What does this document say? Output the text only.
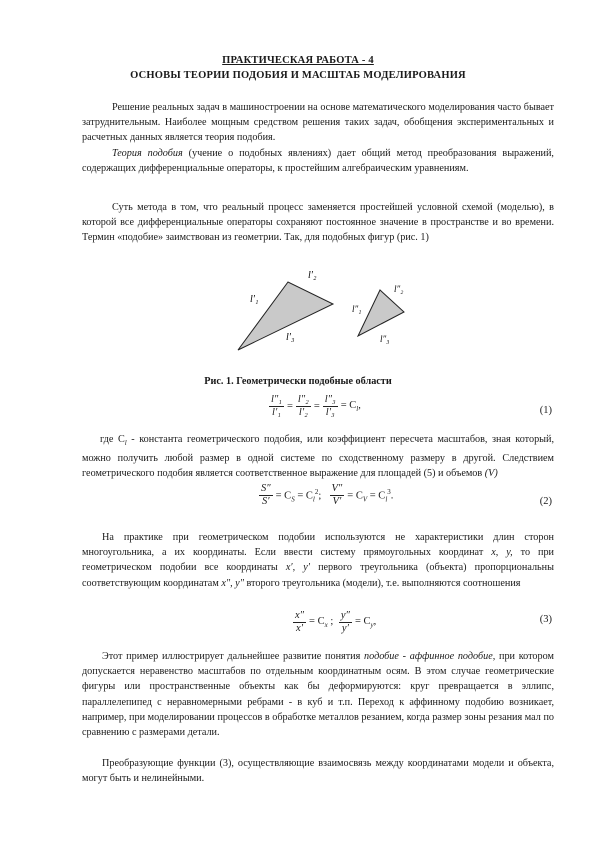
ПРАКТИЧЕСКАЯ РАБОТА - 4
ОСНОВЫ ТЕОРИИ ПОДОБИЯ И МАСШТАБ МОДЕЛИРОВАНИЯ
Решение реальных задач в машиностроении на основе математического моделирования часто бывает затруднительным. Наиболее мощным средством решения таких задач, обобщения экспериментальных и расчетных данных является теория подобия.
Теория подобия (учение о подобных явлениях) дает общий метод преобразования выражений, содержащих дифференциальные операторы, к простейшим алгебраическим уравнениям.
Суть метода в том, что реальный процесс заменяется простейшей условной схемой (моделью), в которой все дифференциальные операторы сохраняют постоянное значение в пространстве и во времени. Термин «подобие» заимствован из геометрии. Так, для подобных фигур (рис. 1)
l′₁
l′₂
l′₃
l″₁
l″₂
l″₃
Рис. 1. Геометрически подобные области
$\frac{\text{l″₁}}{\text{l′₁}} = \frac{\text{l″₂}}{\text{l′₂}} = \frac{\text{l″₃}}{\text{l′₃}} = C_l$,	(1)
где $C_l$ - константа геометрического подобия, или коэффициент пересчета масштабов, зная который, можно получить любой размер в одной системе по сходственному размеру в другой. Следствием геометрического подобия является соответственное выражение для площадей (5) и объемов (V)
$\frac{S''}{S'} = C_S = C_l^2$; $\frac{V''}{V'} = C_V = C_l^3$.
(2)
На практике при геометрическом подобии используются не характеристики длин сторон многоугольника, а их координаты. Если ввести систему прямоугольных координат x, y, то при геометрическом подобии все координаты x′, y′ первого треугольника (объекта) пропорциональны соответствующим координатам x″, y″ второго треугольника (модели), т.е. выполняются соотношения
$\frac{x''}{x'} = C_x$ ; $\frac{y''}{y'} = C_y$,	(3)
Этот пример иллюстрирует дальнейшее развитие понятия подобие - аффинное подобие, при котором допускается неравенство масштабов по отдельным координатным осям. В этом случае геометрические фигуры или пространственные объекты как бы деформируются: круг превращается в эллипс, параллелепипед с неравномерными ребрами - в куб и т.п. Переход к аффинному подобию возникает, например, при моделировании процессов в обработке металлов резанием, когда размер зоны резания мал по сравнению с размерами детали.
Преобразующие функции (3), осуществляющие взаимосвязь между координатами модели и объекта, могут быть и нелинейными.
